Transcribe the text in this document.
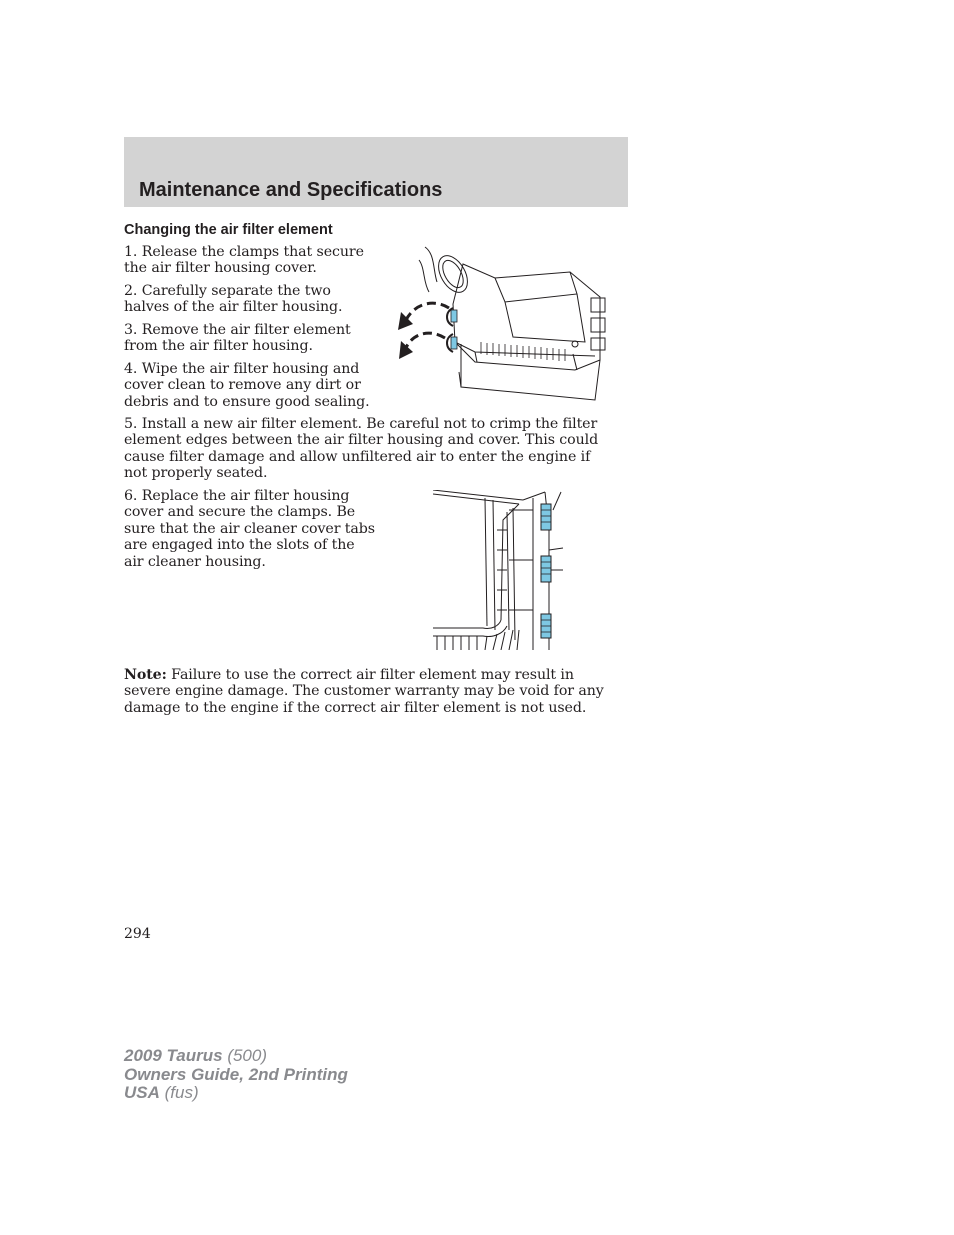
Maintenance and Specifications
Changing the air filter element

1. Release the clamps that secure the air filter housing cover.

2. Carefully separate the two halves of the air filter housing.

3. Remove the air filter element from the air filter housing.

4. Wipe the air filter housing and cover clean to remove any dirt or debris and to ensure good sealing.

5. Install a new air filter element. Be careful not to crimp the filter element edges between the air filter housing and cover. This could cause filter damage and allow unfiltered air to enter the engine if not properly seated.

6. Replace the air filter housing cover and secure the clamps. Be sure that the air cleaner cover tabs are engaged into the slots of the air cleaner housing.

Note: Failure to use the correct air filter element may result in severe engine damage. The customer warranty may be void for any damage to the engine if the correct air filter element is not used.

294

2009 Taurus (500)
Owners Guide, 2nd Printing
USA (fus)
